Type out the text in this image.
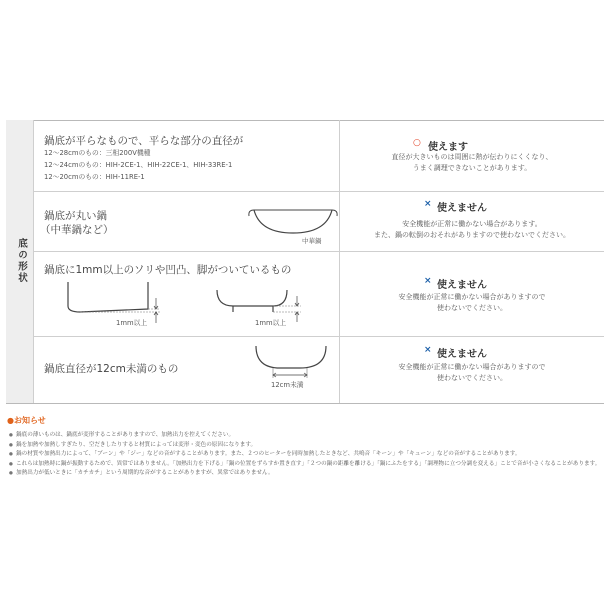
底の形状
鍋底が平らなもので、平らな部分の直径が
12～28cmのもの：三相200V機種
12～24cmのもの：HIH-2CE-1、HIH-22CE-1、HIH-33RE-1
12～20cmのもの：HIH-11RE-1
○ 使えます
直径が大きいものは周囲に熱が伝わりにくくなり、
うまく調理できないことがあります。
鍋底が丸い鍋
（中華鍋など）
中華鍋
× 使えません
安全機能が正常に働かない場合があります。
また、鍋の転倒のおそれがありますので使わないでください。
鍋底に1mm以上のソリや凹凸、脚がついているもの
1mm以上	1mm以上
× 使えません
安全機能が正常に働かない場合がありますので
使わないでください。
鍋底直径が12cm未満のもの
12cm未満
× 使えません
安全機能が正常に働かない場合がありますので
使わないでください。
●お知らせ
● 鍋底の薄いものは、鍋底が変形することがありますので、加熱出力を控えてください。
● 鍋を加熱や加熱しすぎたり、空だきしたりすると材質によっては変形・変色の原因になります。
● 鍋の材質や加熱出力によって、「ブーン」や「ジー」などの音がすることがあります。また、２つのヒーターを同時加熱したときなど、共鳴音「キーン」や「キューン」などの音がすることがあります。
● これらは加熱時に鍋が振動するためで、異常ではありません。「加熱出力を下げる」「鍋の位置をずらすか置き直す」「２つの鍋の距離を離ける」「鍋にふたをする」「調理物に立つ分調を変える」ことで音が小さくなることがあります。
● 加熱出力が低いときに「カチカチ」という周期的な音がすることがありますが、異常ではありません。
